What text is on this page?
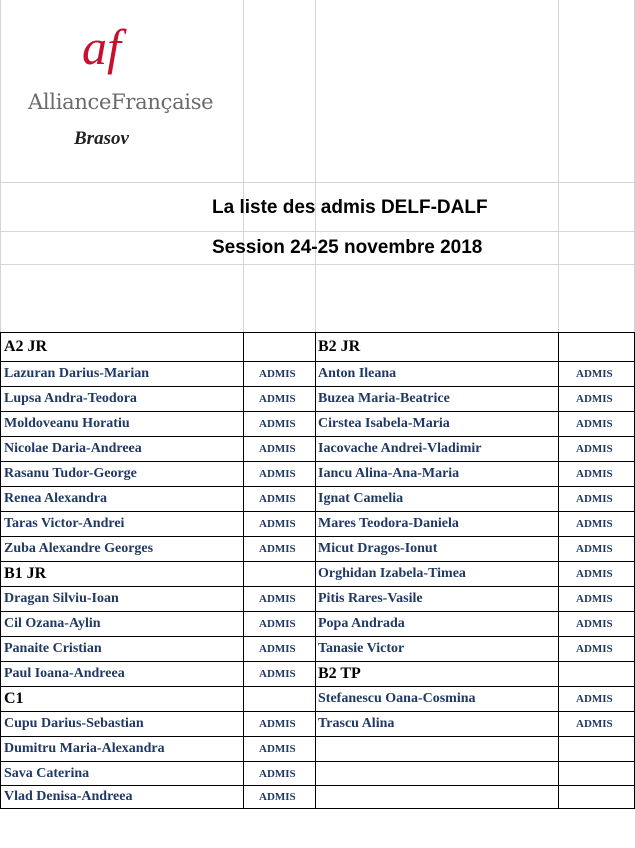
af
AllianceFrançaise
Brasov
La liste des admis DELF-DALF
Session 24-25 novembre 2018
A2 JR
Lazuran Darius-Marian	ADMIS
Lupsa Andra-Teodora	ADMIS
Moldoveanu Horatiu	ADMIS
Nicolae Daria-Andreea	ADMIS
Rasanu Tudor-George	ADMIS
Renea Alexandra	ADMIS
Taras Victor-Andrei	ADMIS
Zuba Alexandre Georges	ADMIS
B1 JR
Dragan Silviu-Ioan	ADMIS
Cil Ozana-Aylin	ADMIS
Panaite Cristian	ADMIS
Paul Ioana-Andreea	ADMIS
C1
Cupu Darius-Sebastian	ADMIS
Dumitru Maria-Alexandra	ADMIS
Sava Caterina	ADMIS
Vlad Denisa-Andreea	ADMIS
B2 JR
Anton Ileana	ADMIS
Buzea Maria-Beatrice	ADMIS
Cirstea Isabela-Maria	ADMIS
Iacovache Andrei-Vladimir	ADMIS
Iancu Alina-Ana-Maria	ADMIS
Ignat Camelia	ADMIS
Mares Teodora-Daniela	ADMIS
Micut Dragos-Ionut	ADMIS
Orghidan Izabela-Timea	ADMIS
Pitis Rares-Vasile	ADMIS
Popa Andrada	ADMIS
Tanasie Victor	ADMIS
B2 TP
Stefanescu Oana-Cosmina	ADMIS
Trascu Alina	ADMIS
